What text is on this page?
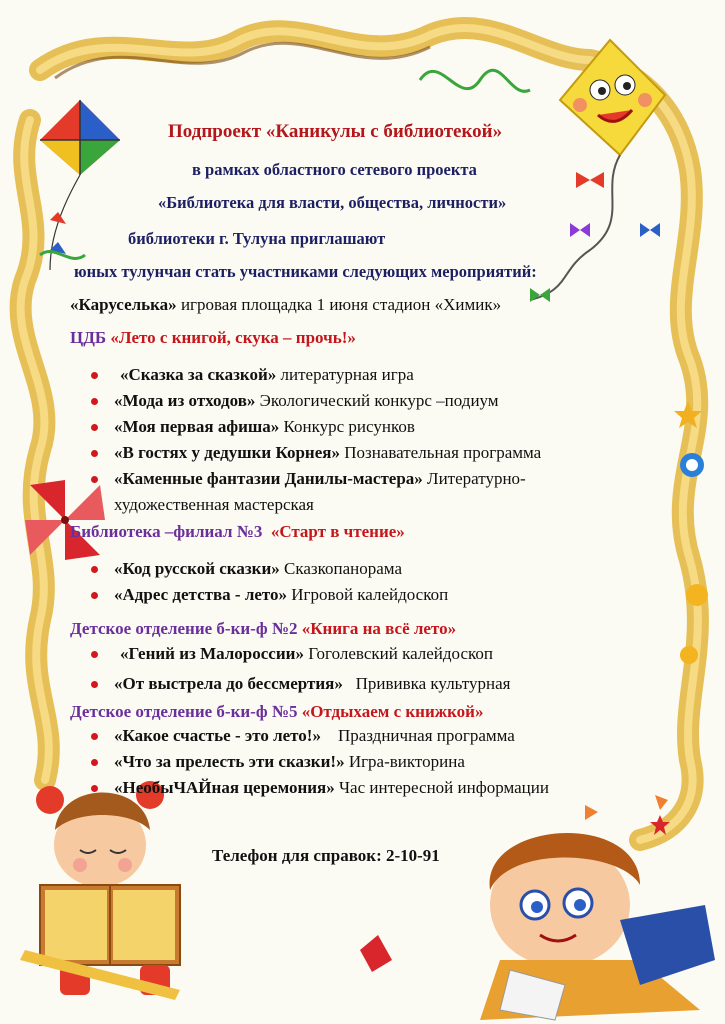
Подпроект «Каникулы с библиотекой»
в рамках областного сетевого проекта
«Библиотека для власти, общества, личности»
библиотеки г. Тулуна приглашают
юных тулунчан стать участниками следующих мероприятий:
«Каруселька» игровая площадка 1 июня стадион «Химик»
ЦДБ «Лето с книгой, скука – прочь!»
«Сказка за сказкой» литературная игра
«Мода из отходов» Экологический конкурс –подиум
«Моя первая афиша» Конкурс рисунков
«В гостях у дедушки Корнея» Познавательная программа
«Каменные фантазии Данилы-мастера» Литературно-
художественная мастерская
Библиотека –филиал №3 «Старт в чтение»
«Код русской сказки» Сказкопанорама
«Адрес детства - лето» Игровой калейдоскоп
Детское отделение б-ки-ф №2 «Книга на всё лето»
«Гений из Малороссии» Гоголевский калейдоскоп
«От выстрела до бессмертия» Прививка культурная
Детское отделение б-ки-ф №5 «Отдыхаем с книжкой»
«Какое счастье - это лето!» Праздничная программа
«Что за прелесть эти сказки!» Игра-викторина
«НеобыЧАЙная церемония» Час интересной информации
Телефон для справок: 2-10-91
